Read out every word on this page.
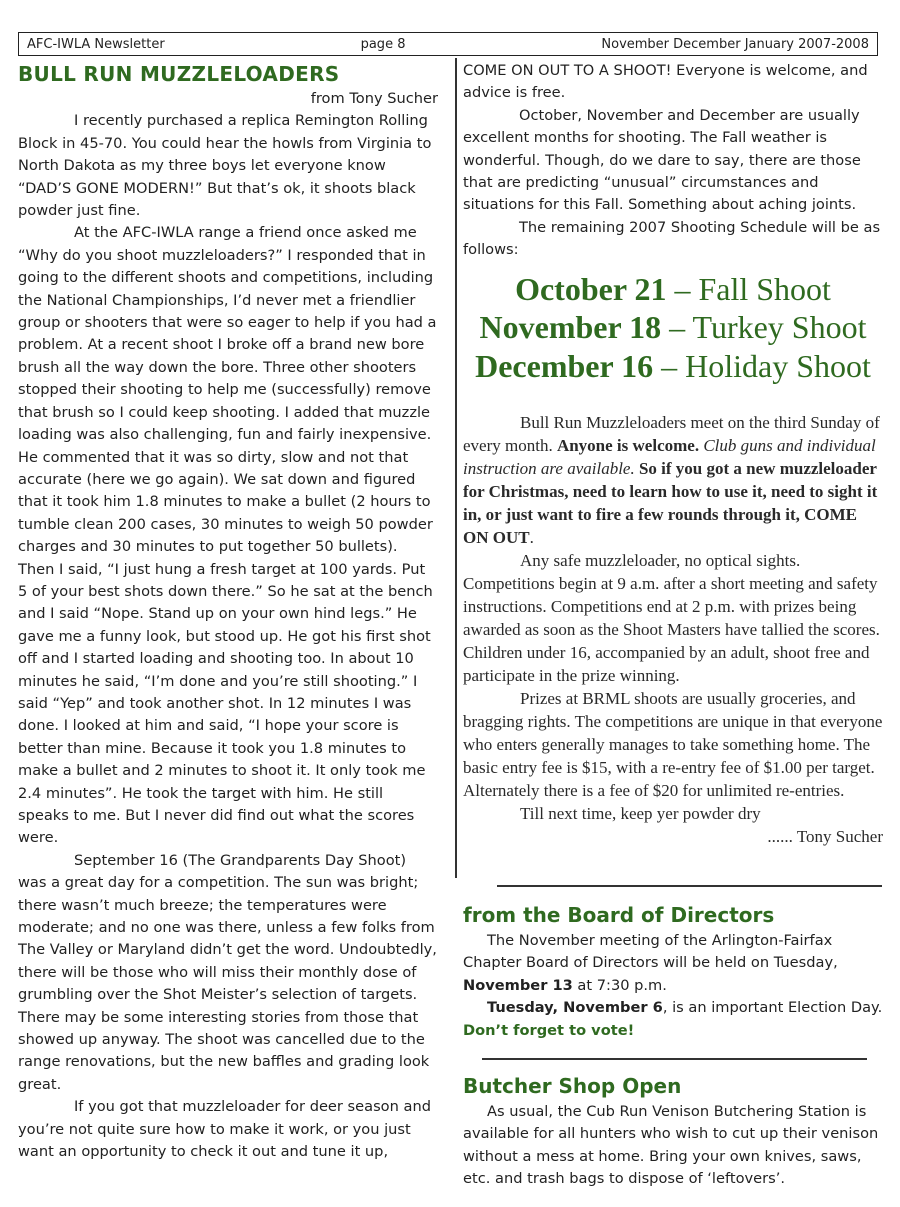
AFC-IWLA Newsletter	page 8	November December January 2007-2008
BULL RUN MUZZLELOADERS

from Tony Sucher

I recently purchased a replica Remington Rolling Block in 45-70. You could hear the howls from Virginia to North Dakota as my three boys let everyone know “DAD’S GONE MODERN!” But that’s ok, it shoots black powder just fine.

At the AFC-IWLA range a friend once asked me “Why do you shoot muzzleloaders?” I responded that in going to the different shoots and competitions, including the National Championships, I’d never met a friendlier group or shooters that were so eager to help if you had a problem. At a recent shoot I broke off a brand new bore brush all the way down the bore. Three other shooters stopped their shooting to help me (successfully) remove that brush so I could keep shooting. I added that muzzle loading was also challenging, fun and fairly inexpensive. He commented that it was so dirty, slow and not that accurate (here we go again). We sat down and figured that it took him 1.8 minutes to make a bullet (2 hours to tumble clean 200 cases, 30 minutes to weigh 50 powder charges and 30 minutes to put together 50 bullets). Then I said, “I just hung a fresh target at 100 yards. Put 5 of your best shots down there.” So he sat at the bench and I said “Nope. Stand up on your own hind legs.” He gave me a funny look, but stood up. He got his first shot off and I started loading and shooting too. In about 10 minutes he said, “I’m done and you’re still shooting.” I said “Yep” and took another shot. In 12 minutes I was done. I looked at him and said, “I hope your score is better than mine. Because it took you 1.8 minutes to make a bullet and 2 minutes to shoot it. It only took me 2.4 minutes”. He took the target with him. He still speaks to me. But I never did find out what the scores were.

September 16 (The Grandparents Day Shoot) was a great day for a competition. The sun was bright; there wasn’t much breeze; the temperatures were moderate; and no one was there, unless a few folks from The Valley or Maryland didn’t get the word. Undoubtedly, there will be those who will miss their monthly dose of grumbling over the Shot Meister’s selection of targets. There may be some interesting stories from those that showed up anyway. The shoot was cancelled due to the range renovations, but the new baffles and grading look great.

If you got that muzzleloader for deer season and you’re not quite sure how to make it work, or you just want an opportunity to check it out and tune it up,

COME ON OUT TO A SHOOT! Everyone is welcome, and advice is free.

October, November and December are usually excellent months for shooting. The Fall weather is wonderful. Though, do we dare to say, there are those that are predicting “unusual” circumstances and situations for this Fall. Something about aching joints.

The remaining 2007 Shooting Schedule will be as follows:

October 21 – Fall Shoot
November 18 – Turkey Shoot
December 16 – Holiday Shoot

Bull Run Muzzleloaders meet on the third Sunday of every month. Anyone is welcome. Club guns and individual instruction are available. So if you got a new muzzleloader for Christmas, need to learn how to use it, need to sight it in, or just want to fire a few rounds through it, COME ON OUT.

Any safe muzzleloader, no optical sights. Competitions begin at 9 a.m. after a short meeting and safety instructions. Competitions end at 2 p.m. with prizes being awarded as soon as the Shoot Masters have tallied the scores. Children under 16, accompanied by an adult, shoot free and participate in the prize winning.

Prizes at BRML shoots are usually groceries, and bragging rights. The competitions are unique in that everyone who enters generally manages to take something home. The basic entry fee is $15, with a re-entry fee of $1.00 per target. Alternately there is a fee of $20 for unlimited re-entries.

Till next time, keep yer powder dry

...... Tony Sucher

from the Board of Directors

The November meeting of the Arlington-Fairfax Chapter Board of Directors will be held on Tuesday, November 13 at 7:30 p.m.

Tuesday, November 6, is an important Election Day. Don’t forget to vote!

Butcher Shop Open

As usual, the Cub Run Venison Butchering Station is available for all hunters who wish to cut up their venison without a mess at home. Bring your own knives, saws, etc. and trash bags to dispose of ‘leftovers’.
